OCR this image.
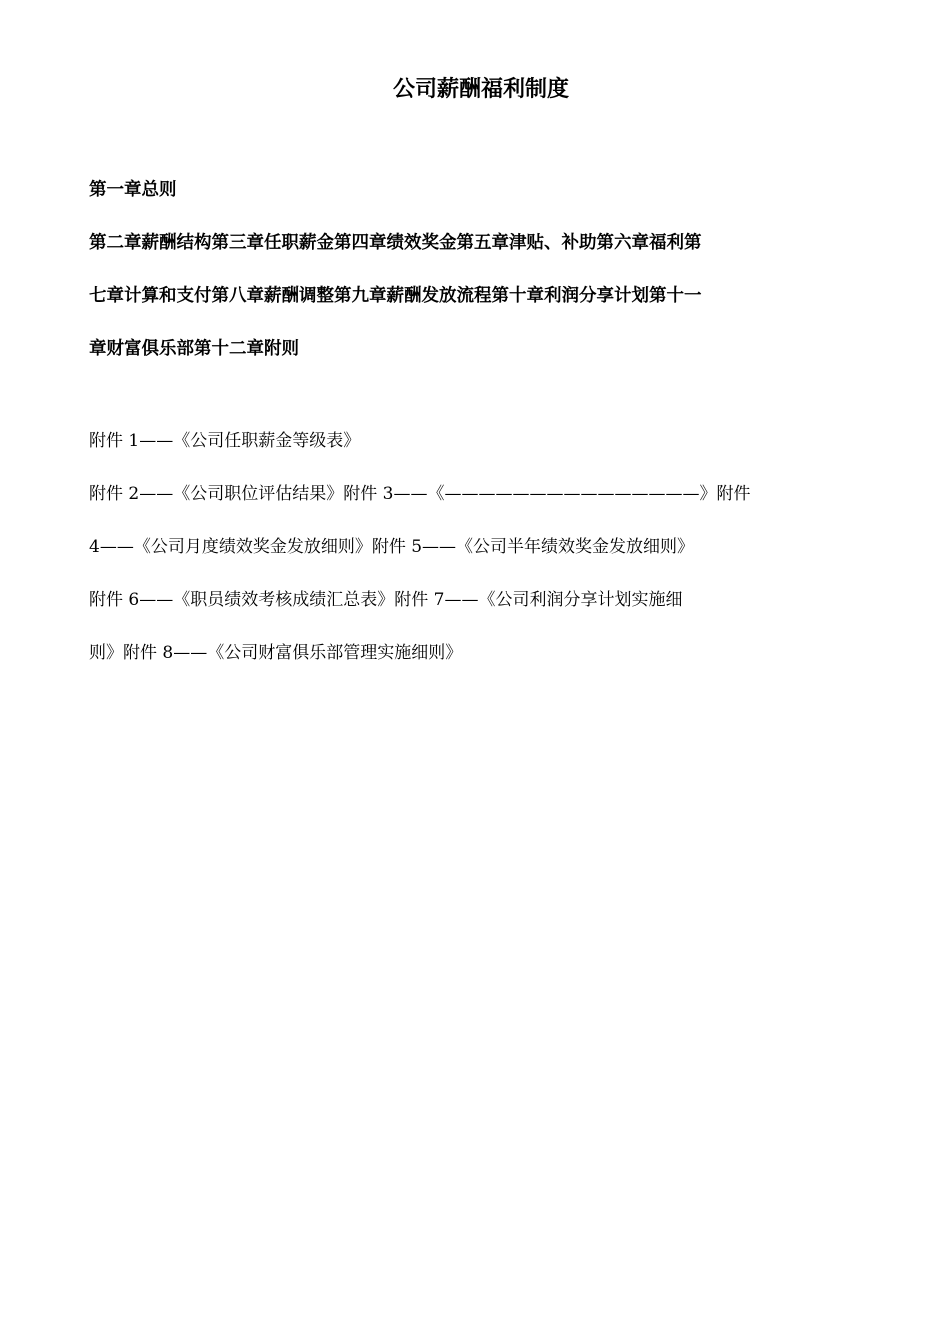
公司薪酬福利制度

第一章总则

第二章薪酬结构第三章任职薪金第四章绩效奖金第五章津贴、补助第六章福利第

七章计算和支付第八章薪酬调整第九章薪酬发放流程第十章利润分享计划第十一

章财富俱乐部第十二章附则

附件 1——《公司任职薪金等级表》

附件 2——《公司职位评估结果》附件 3——《———————————————》附件

4——《公司月度绩效奖金发放细则》附件 5——《公司半年绩效奖金发放细则》

附件 6——《职员绩效考核成绩汇总表》附件 7——《公司利润分享计划实施细

则》附件 8——《公司财富俱乐部管理实施细则》
